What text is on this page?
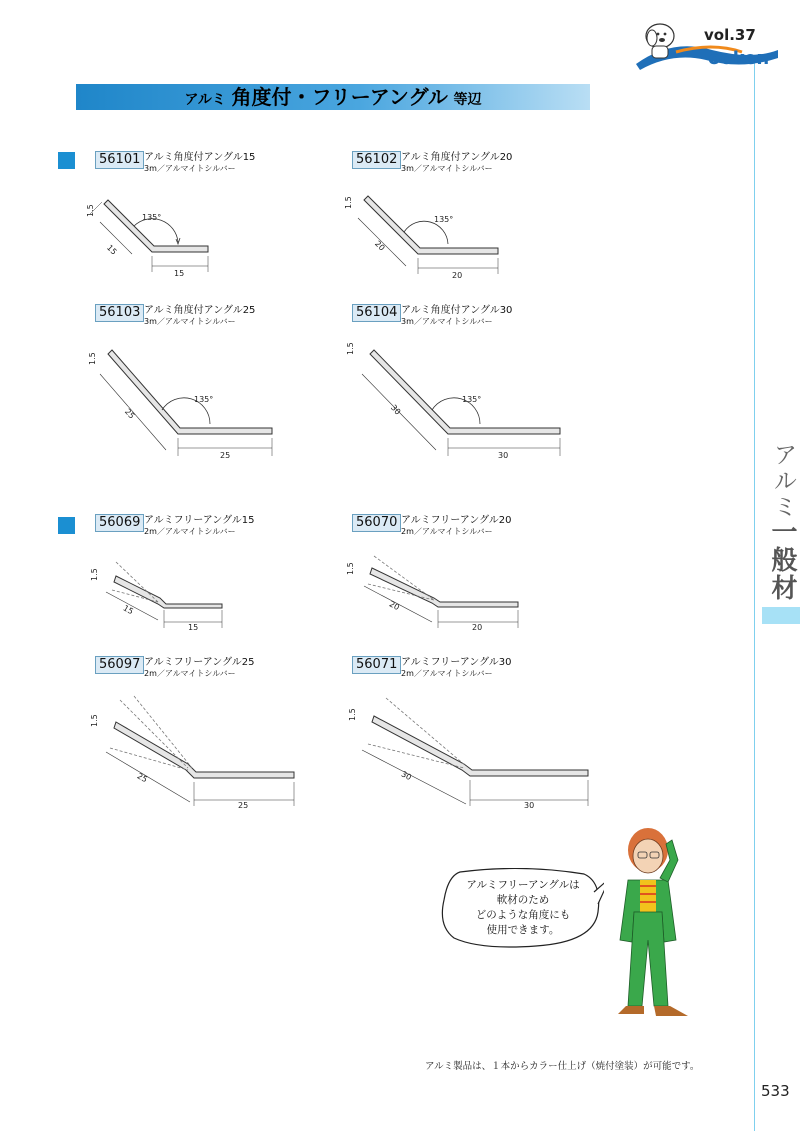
アルミ
一般材
ooken
vol.37
アルミ 角度付・フリーアングル 等辺
56101 アルミ角度付アングル15
3m／アルマイトシルバー
56102 アルミ角度付アングル20
3m／アルマイトシルバー
56103 アルミ角度付アングル25
3m／アルマイトシルバー
56104 アルミ角度付アングル30
3m／アルマイトシルバー
56069 アルミフリーアングル15
2m／アルマイトシルバー
56070 アルミフリーアングル20
2m／アルマイトシルバー
56097 アルミフリーアングル25
2m／アルマイトシルバー
56071 アルミフリーアングル30
2m／アルマイトシルバー
135°
1.5
15
15
135°
1.5
20
20
135°
1.5
25
25
135°
1.5
30
30
1.5
15
15
1.5
20
20
1.5
25
25
1.5
30
30
アルミフリーアングルは
軟材のため
どのような角度にも
使用できます。
アルミ製品は、１本からカラー仕上げ（焼付塗装）が可能です。
533
